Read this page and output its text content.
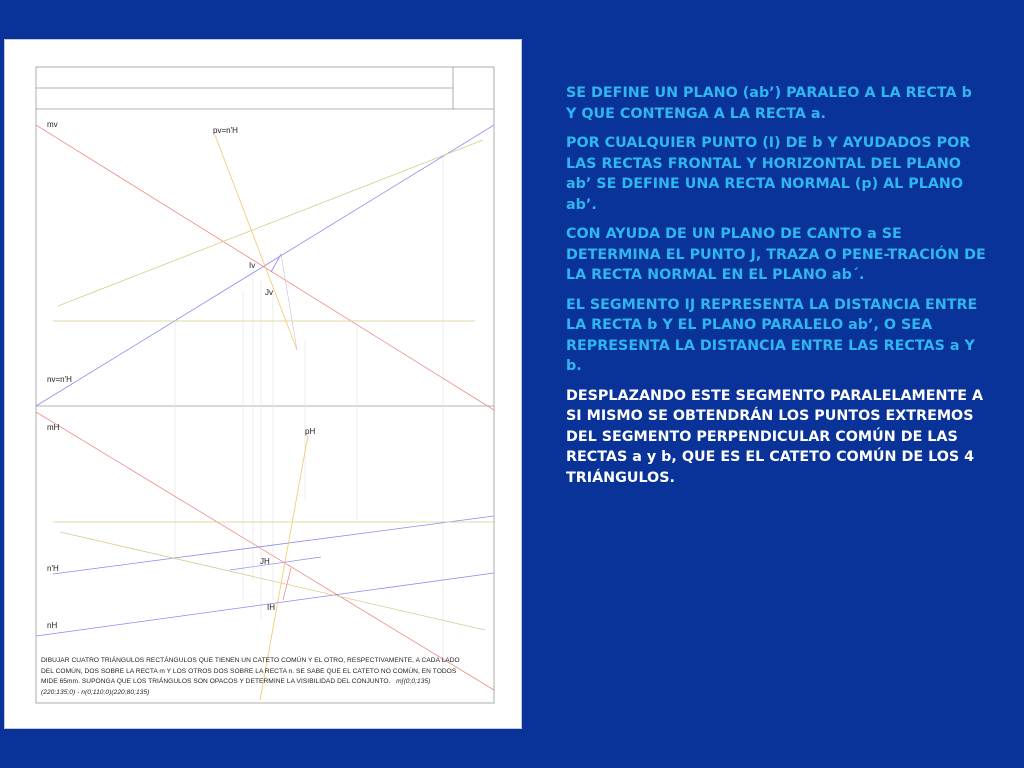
mv
pv=n'H
Iv
Jv
nv=n'H
mH	pH
JH
n'H
IH
nH
DIBUJAR CUATRO TRIÁNGULOS RECTÁNGULOS QUE TIENEN UN CATETO COMÚN Y EL OTRO, RESPECTIVAMENTE, A CADA LADO DEL COMÚN, DOS SOBRE LA RECTA m Y LOS OTROS DOS SOBRE LA RECTA n. SE SABE QUE EL CATETO NO COMÚN, EN TODOS MIDE 65mm. SUPONGA QUE LOS TRIÁNGULOS SON OPACOS Y DETERMINE LA VISIBILIDAD DEL CONJUNTO. m[(0;0;135)(220;135;0) - n(0;110;0)(220;80;135)

SE DEFINE UN PLANO (ab’) PARALEO A LA RECTA b Y QUE CONTENGA A LA RECTA a.

POR CUALQUIER PUNTO (I) DE b Y AYUDADOS POR LAS RECTAS FRONTAL Y HORIZONTAL DEL PLANO ab’ SE DEFINE UNA RECTA NORMAL (p) AL PLANO ab’.

CON AYUDA DE UN PLANO DE CANTO a SE DETERMINA EL PUNTO J, TRAZA O PENE-TRACIÓN DE LA RECTA NORMAL EN EL PLANO ab´.

EL SEGMENTO IJ REPRESENTA LA DISTANCIA ENTRE LA RECTA b Y EL PLANO PARALELO ab’, O SEA REPRESENTA LA DISTANCIA ENTRE LAS RECTAS a Y b.

DESPLAZANDO ESTE SEGMENTO PARALELAMENTE A SI MISMO SE OBTENDRÁN LOS PUNTOS EXTREMOS DEL SEGMENTO PERPENDICULAR COMÚN DE LAS RECTAS a y b, QUE ES EL CATETO COMÚN DE LOS 4 TRIÁNGULOS.
